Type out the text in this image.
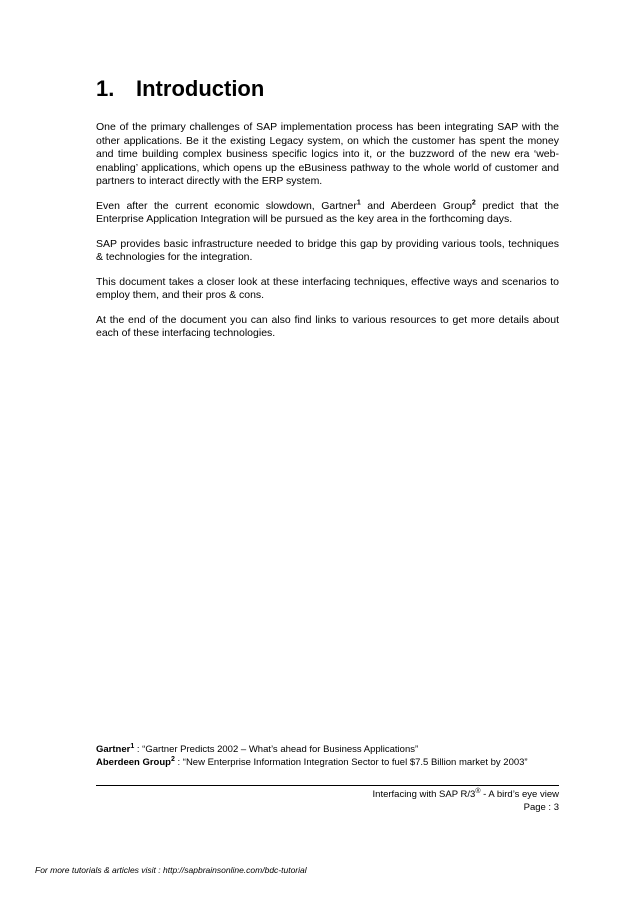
1. Introduction

One of the primary challenges of SAP implementation process has been integrating SAP with the other applications. Be it the existing Legacy system, on which the customer has spent the money and time building complex business specific logics into it, or the buzzword of the new era ‘web-enabling’ applications, which opens up the eBusiness pathway to the whole world of customer and partners to interact directly with the ERP system.

Even after the current economic slowdown, Gartner$^1$ and Aberdeen Group$^2$ predict that the Enterprise Application Integration will be pursued as the key area in the forthcoming days.

SAP provides basic infrastructure needed to bridge this gap by providing various tools, techniques & technologies for the integration.

This document takes a closer look at these interfacing techniques, effective ways and scenarios to employ them, and their pros & cons.

At the end of the document you can also find links to various resources to get more details about each of these interfacing technologies.

Gartner$^1$ : “Gartner Predicts 2002 – What’s ahead for Business Applications”
Aberdeen Group$^2$ : “New Enterprise Information Integration Sector to fuel $7.5 Billion market by 2003”
Interfacing with SAP R/3® - A bird’s eye view
Page : 3
For more tutorials & articles visit : http://sapbrainsonline.com/bdc-tutorial
